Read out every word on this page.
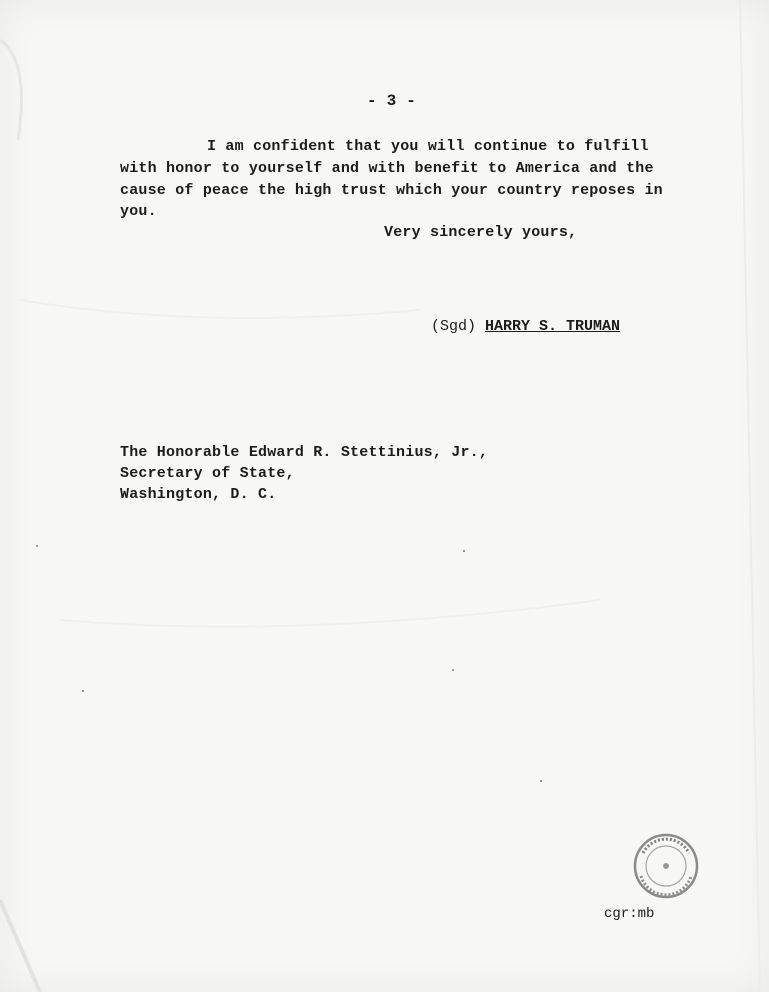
- 3 -
I am confident that you will continue to fulfill
with honor to yourself and with benefit to America and the
cause of peace the high trust which your country reposes in
you.
Very sincerely yours,
(Sgd) HARRY S. TRUMAN
The Honorable Edward R. Stettinius, Jr.,
Secretary of State,
Washington, D. C.
cgr:mb
